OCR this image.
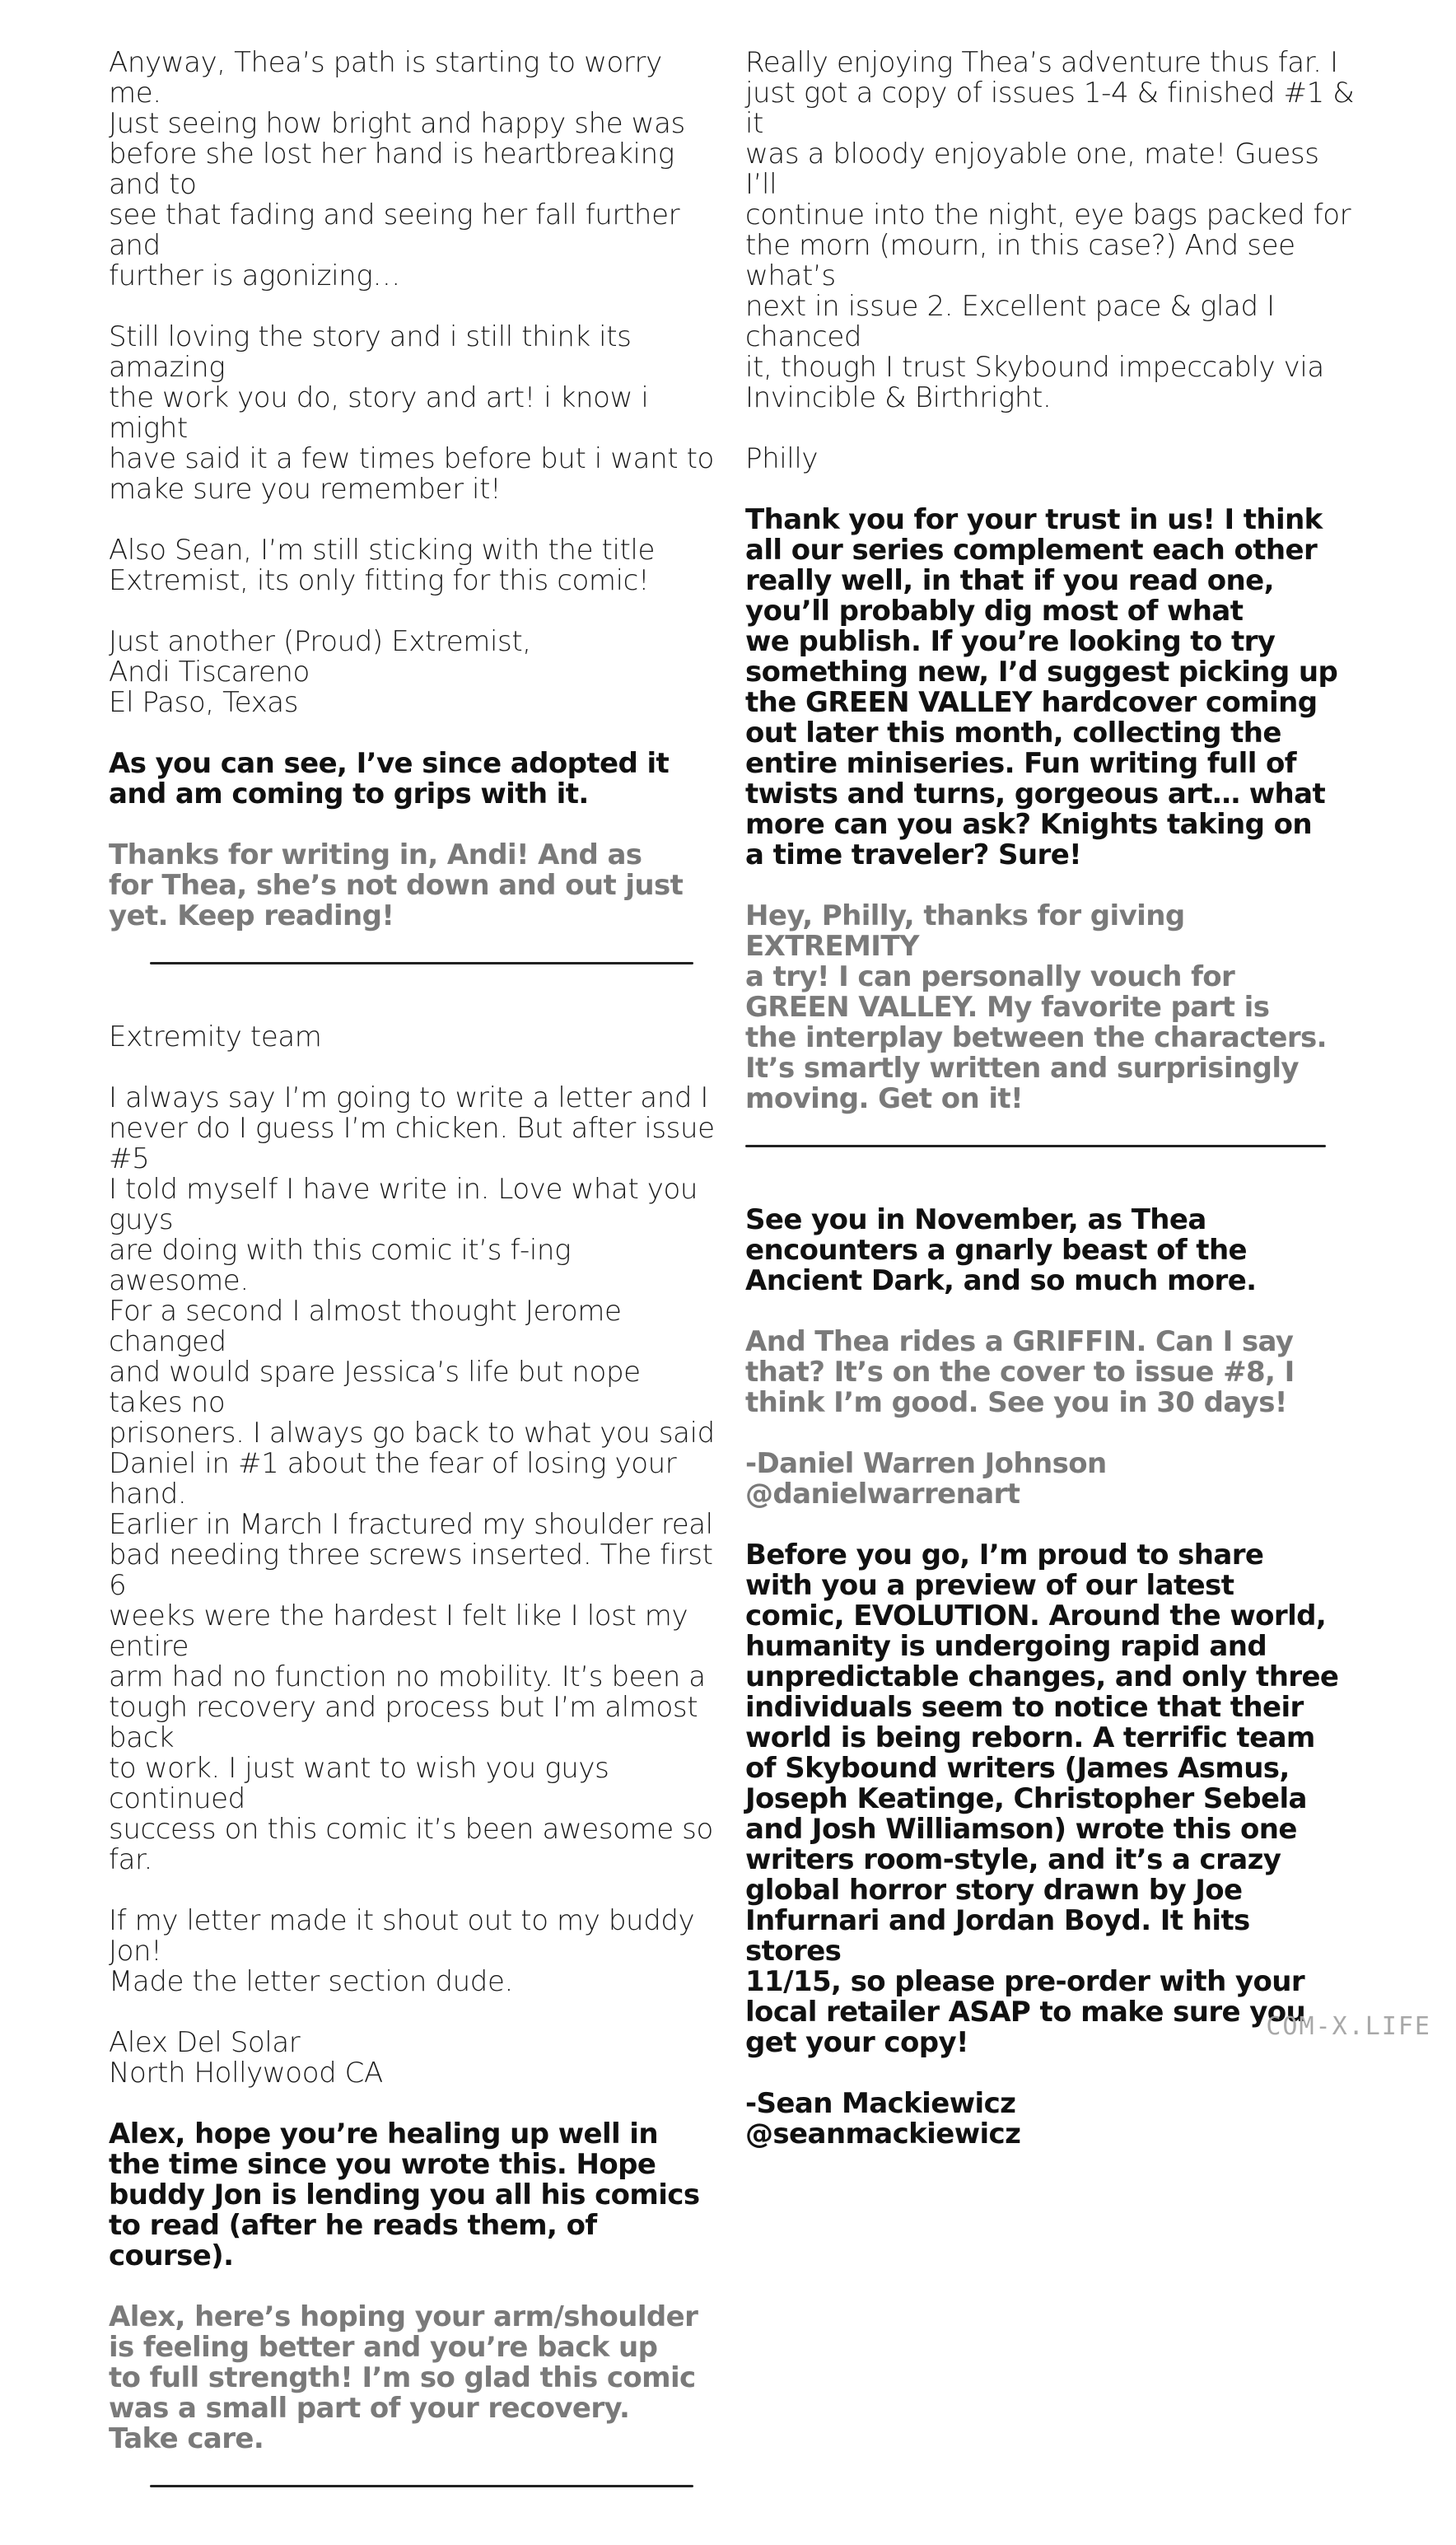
Anyway, Thea’s path is starting to worry me.
Just seeing how bright and happy she was
before she lost her hand is heartbreaking and to
see that fading and seeing her fall further and
further is agonizing…
Still loving the story and i still think its amazing
the work you do, story and art! i know i might
have said it a few times before but i want to
make sure you remember it!
Also Sean, I’m still sticking with the title
Extremist, its only fitting for this comic!
Just another (Proud) Extremist,
Andi Tiscareno
El Paso, Texas
As you can see, I’ve since adopted it
and am coming to grips with it.
Thanks for writing in, Andi! And as
for Thea, she’s not down and out just
yet. Keep reading!
Extremity team
I always say I’m going to write a letter and I
never do I guess I’m chicken. But after issue #5
I told myself I have write in. Love what you guys
are doing with this comic it’s f-ing awesome.
For a second I almost thought Jerome changed
and would spare Jessica’s life but nope takes no
prisoners. I always go back to what you said
Daniel in #1 about the fear of losing your hand.
Earlier in March I fractured my shoulder real
bad needing three screws inserted. The first 6
weeks were the hardest I felt like I lost my entire
arm had no function no mobility. It’s been a
tough recovery and process but I’m almost back
to work. I just want to wish you guys continued
success on this comic it’s been awesome so far.
If my letter made it shout out to my buddy Jon!
Made the letter section dude.
Alex Del Solar
North Hollywood CA
Alex, hope you’re healing up well in
the time since you wrote this. Hope
buddy Jon is lending you all his comics
to read (after he reads them, of course).
Alex, here’s hoping your arm/shoulder
is feeling better and you’re back up
to full strength! I’m so glad this comic
was a small part of your recovery.
Take care.
Really enjoying Thea’s adventure thus far. I
just got a copy of issues 1-4 & finished #1 & it
was a bloody enjoyable one, mate! Guess I’ll
continue into the night, eye bags packed for
the morn (mourn, in this case?) And see what’s
next in issue 2. Excellent pace & glad I chanced
it, though I trust Skybound impeccably via
Invincible & Birthright.
Philly
Thank you for your trust in us! I think
all our series complement each other
really well, in that if you read one,
you’ll probably dig most of what
we publish. If you’re looking to try
something new, I’d suggest picking up
the GREEN VALLEY hardcover coming
out later this month, collecting the
entire miniseries. Fun writing full of
twists and turns, gorgeous art… what
more can you ask? Knights taking on
a time traveler? Sure!
Hey, Philly, thanks for giving EXTREMITY
a try! I can personally vouch for
GREEN VALLEY. My favorite part is
the interplay between the characters.
It’s smartly written and surprisingly
moving. Get on it!
See you in November, as Thea
encounters a gnarly beast of the
Ancient Dark, and so much more.
And Thea rides a GRIFFIN. Can I say
that? It’s on the cover to issue #8, I
think I’m good. See you in 30 days!
-Daniel Warren Johnson
@danielwarrenart
Before you go, I’m proud to share
with you a preview of our latest
comic, EVOLUTION. Around the world,
humanity is undergoing rapid and
unpredictable changes, and only three
individuals seem to notice that their
world is being reborn. A terrific team
of Skybound writers (James Asmus,
Joseph Keatinge, Christopher Sebela
and Josh Williamson) wrote this one
writers room-style, and it’s a crazy
global horror story drawn by Joe
Infurnari and Jordan Boyd. It hits stores
11/15, so please pre-order with your
local retailer ASAP to make sure you
get your copy!
-Sean Mackiewicz
@seanmackiewicz
COM-X.LIFE
